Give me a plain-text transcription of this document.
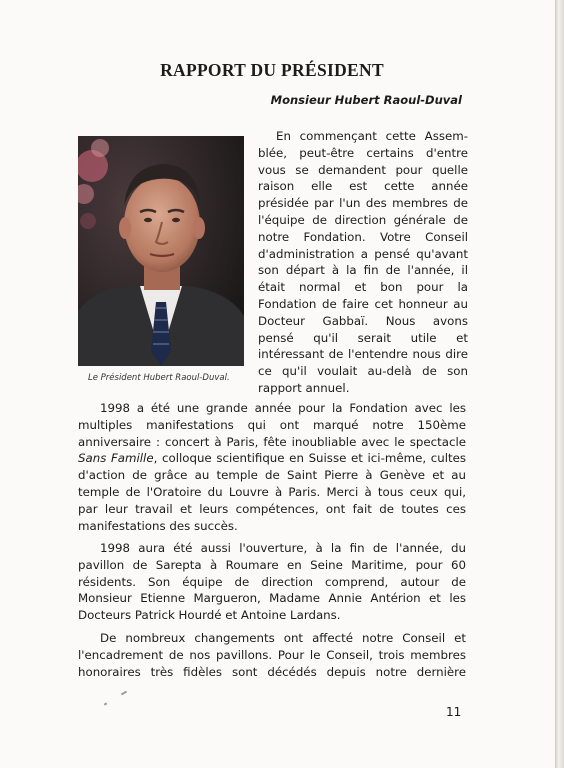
RAPPORT DU PRÉSIDENT
Monsieur Hubert Raoul-Duval
Le Président Hubert Raoul-Duval.
En commençant cette Assem-
blée, peut-être certains d'entre
vous se demandent pour quelle
raison elle est cette année
présidée par l'un des membres de
l'équipe de direction générale de
notre Fondation. Votre Conseil
d'administration a pensé qu'avant
son départ à la fin de l'année, il
était normal et bon pour la
Fondation de faire cet honneur au
Docteur Gabbaï. Nous avons
pensé qu'il serait utile et
intéressant de l'entendre nous dire
ce qu'il voulait au-delà de son
rapport annuel.
1998 a été une grande année pour la Fondation avec les
multiples manifestations qui ont marqué notre 150ème
anniversaire : concert à Paris, fête inoubliable avec le spectacle
Sans Famille, colloque scientifique en Suisse et ici-même, cultes
d'action de grâce au temple de Saint Pierre à Genève et au
temple de l'Oratoire du Louvre à Paris. Merci à tous ceux qui,
par leur travail et leurs compétences, ont fait de toutes ces
manifestations des succès.
1998 aura été aussi l'ouverture, à la fin de l'année, du
pavillon de Sarepta à Roumare en Seine Maritime, pour 60
résidents. Son équipe de direction comprend, autour de
Monsieur Etienne Margueron, Madame Annie Antérion et les
Docteurs Patrick Hourdé et Antoine Lardans.
De nombreux changements ont affecté notre Conseil et
l'encadrement de nos pavillons. Pour le Conseil, trois membres
honoraires très fidèles sont décédés depuis notre dernière
11
